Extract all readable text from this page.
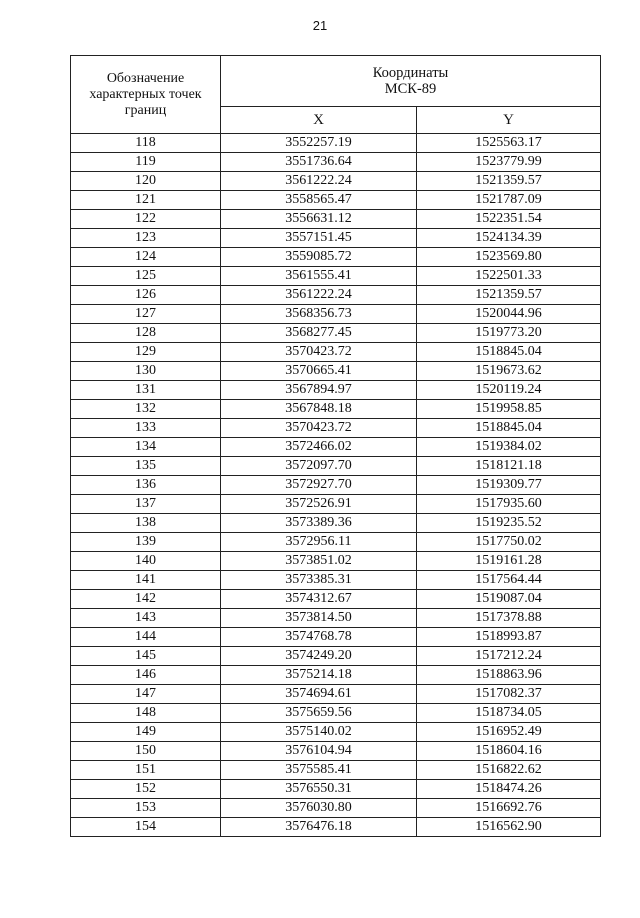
21
Обозначение характерных точек границ	Координаты
МСК-89	

	X	Y
118	3552257.19	1525563.17
119	3551736.64	1523779.99
120	3561222.24	1521359.57
121	3558565.47	1521787.09
122	3556631.12	1522351.54
123	3557151.45	1524134.39
124	3559085.72	1523569.80
125	3561555.41	1522501.33
126	3561222.24	1521359.57
127	3568356.73	1520044.96
128	3568277.45	1519773.20
129	3570423.72	1518845.04
130	3570665.41	1519673.62
131	3567894.97	1520119.24
132	3567848.18	1519958.85
133	3570423.72	1518845.04
134	3572466.02	1519384.02
135	3572097.70	1518121.18
136	3572927.70	1519309.77
137	3572526.91	1517935.60
138	3573389.36	1519235.52
139	3572956.11	1517750.02
140	3573851.02	1519161.28
141	3573385.31	1517564.44
142	3574312.67	1519087.04
143	3573814.50	1517378.88
144	3574768.78	1518993.87
145	3574249.20	1517212.24
146	3575214.18	1518863.96
147	3574694.61	1517082.37
148	3575659.56	1518734.05
149	3575140.02	1516952.49
150	3576104.94	1518604.16
151	3575585.41	1516822.62
152	3576550.31	1518474.26
153	3576030.80	1516692.76
154	3576476.18	1516562.90
